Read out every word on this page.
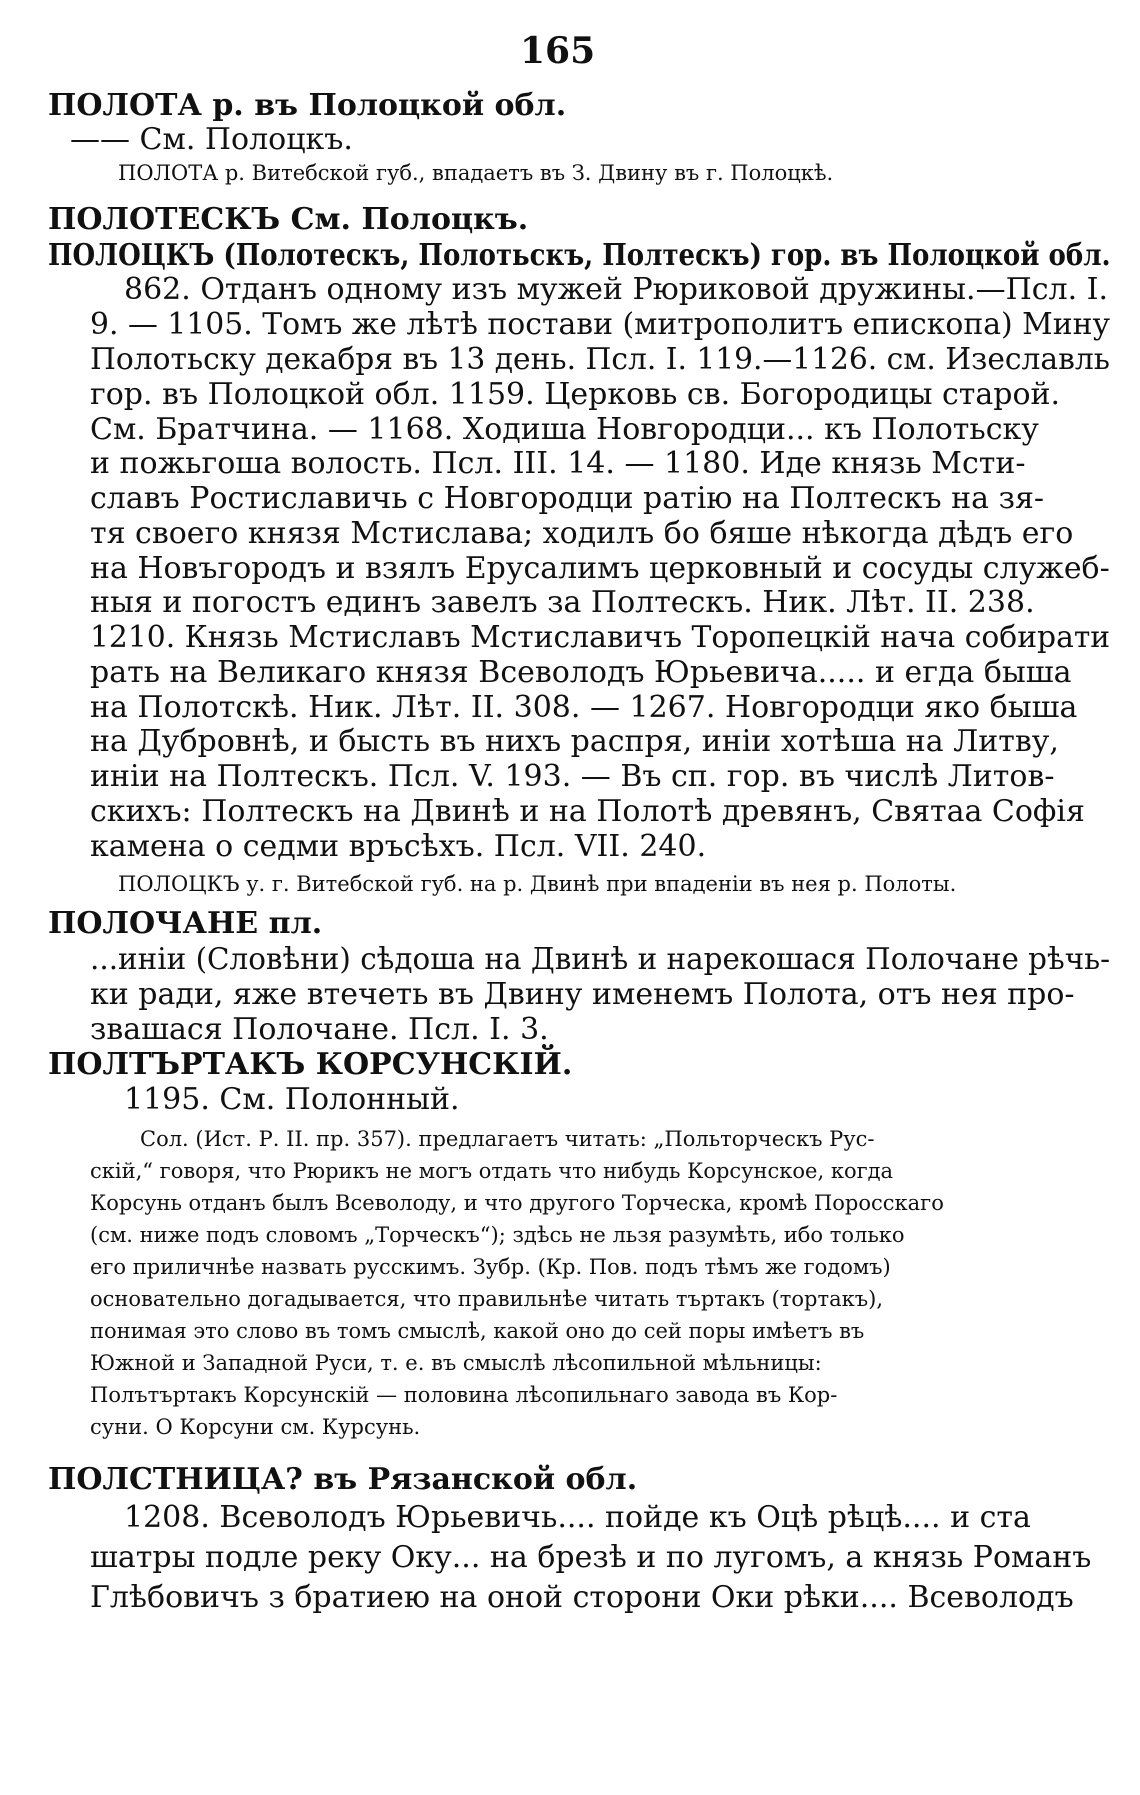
165
ПОЛОТА р. въ Полоцкой обл.
—— См. Полоцкъ.
ПОЛОТА р. Витебской губ., впадаетъ въ З. Двину въ г. Полоцкѣ.
ПОЛОТЕСКЪ См. Полоцкъ.
ПОЛОЦКЪ (Полотескъ, Полотьскъ, Полтескъ) гор. въ Полоцкой обл.
862. Отданъ одному изъ мужей Рюриковой дружины.—Псл. I.
9. — 1105. Томъ же лѣтѣ постави (митрополитъ епископа) Мину
Полотьску декабря въ 13 день. Псл. I. 119.—1126. см. Изеславль
гор. въ Полоцкой обл. 1159. Церковь св. Богородицы старой.
См. Братчина. — 1168. Ходиша Новгородци... къ Полотьску
и пожьгоша волость. Псл. III. 14. — 1180. Иде князь Мсти-
славъ Ростиславичь с Новгородци ратію на Полтескъ на зя-
тя своего князя Мстислава; ходилъ бо бяше нѣкогда дѣдъ его
на Новъгородъ и взялъ Ерусалимъ церковный и сосуды служеб-
ныя и погостъ единъ завелъ за Полтескъ. Ник. Лѣт. II. 238.
1210. Князь Мстиславъ Мстиславичъ Торопецкій нача собирати
рать на Великаго князя Всеволодъ Юрьевича..... и егда быша
на Полотскѣ. Ник. Лѣт. II. 308. — 1267. Новгородци яко быша
на Дубровнѣ, и бысть въ нихъ распря, иніи хотѣша на Литву,
иніи на Полтескъ. Псл. V. 193. — Въ сп. гор. въ числѣ Литов-
скихъ: Полтескъ на Двинѣ и на Полотѣ древянъ, Святаа Софія
камена о седми връсѣхъ. Псл. VII. 240.
ПОЛОЦКЪ у. г. Витебской губ. на р. Двинѣ при впаденіи въ нея р. Полоты.
ПОЛОЧАНЕ пл.
...иніи (Словѣни) сѣдоша на Двинѣ и нарекошася Полочане рѣчь-
ки ради, яже втечеть въ Двину именемъ Полота, отъ нея про-
звашася Полочане. Псл. I. 3.
ПОЛТЪРТАКЪ КОРСУНСКІЙ.
1195. См. Полонный.
Сол. (Ист. Р. II. пр. 357). предлагаетъ читать: „Польторческъ Рус-
скій,“ говоря, что Рюрикъ не могъ отдать что нибудь Корсунское, когда
Корсунь отданъ былъ Всеволоду, и что другого Торческа, кромѣ Поросскаго
(см. ниже подъ словомъ „Торческъ“); здѣсь не льзя разумѣть, ибо только
его приличнѣе назвать русскимъ. Зубр. (Кр. Пов. подъ тѣмъ же годомъ)
основательно догадывается, что правильнѣе читать търтакъ (тортакъ),
понимая это слово въ томъ смыслѣ, какой оно до сей поры имѣетъ въ
Южной и Западной Руси, т. е. въ смыслѣ лѣсопильной мѣльницы:
Полътъртакъ Корсунскій — половина лѣсопильнаго завода въ Кор-
суни. О Корсуни см. Курсунь.
ПОЛСТНИЦА? въ Рязанской обл.
1208. Всеволодъ Юрьевичь.... пойде къ Оцѣ рѣцѣ.... и ста
шатры подле реку Оку... на брезѣ и по лугомъ, а князь Романъ
Глѣбовичъ з братиею на оной сторони Оки рѣки.... Всеволодъ
